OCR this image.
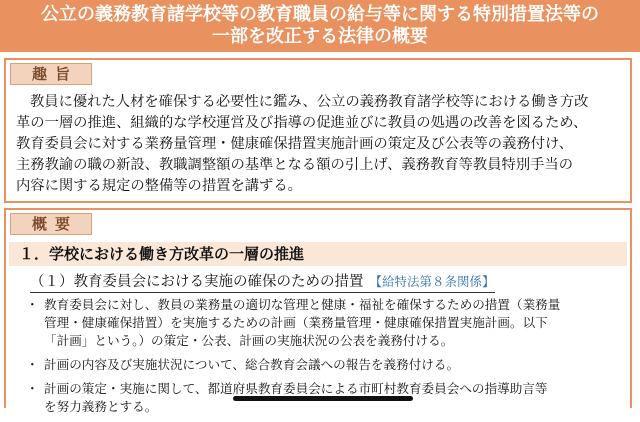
公立の義務教育諸学校等の教育職員の給与等に関する特別措置法等の
一部を改正する法律の概要
趣旨
教員に優れた人材を確保する必要性に鑑み、公立の義務教育諸学校等における働き方改
革の一層の推進、組織的な学校運営及び指導の促進並びに教員の処遇の改善を図るため、
教育委員会に対する業務量管理・健康確保措置実施計画の策定及び公表等の義務付け、
主務教諭の職の新設、教職調整額の基準となる額の引上げ、義務教育等教員特別手当の
内容に関する規定の整備等の措置を講ずる。
概要
１．学校における働き方改革の一層の推進
（１）教育委員会における実施の確保のための措置 【給特法第８条関係】
・ 教育委員会に対し、教員の業務量の適切な管理と健康・福祉を確保するための措置（業務量
管理・健康確保措置）を実施するための計画（業務量管理・健康確保措置実施計画。以下
「計画」という。）の策定・公表、計画の実施状況の公表を義務付ける。
・ 計画の内容及び実施状況について、総合教育会議への報告を義務付ける。
・ 計画の策定・実施に関して、都道府県教育委員会による市町村教育委員会への指導助言等
を努力義務とする。
